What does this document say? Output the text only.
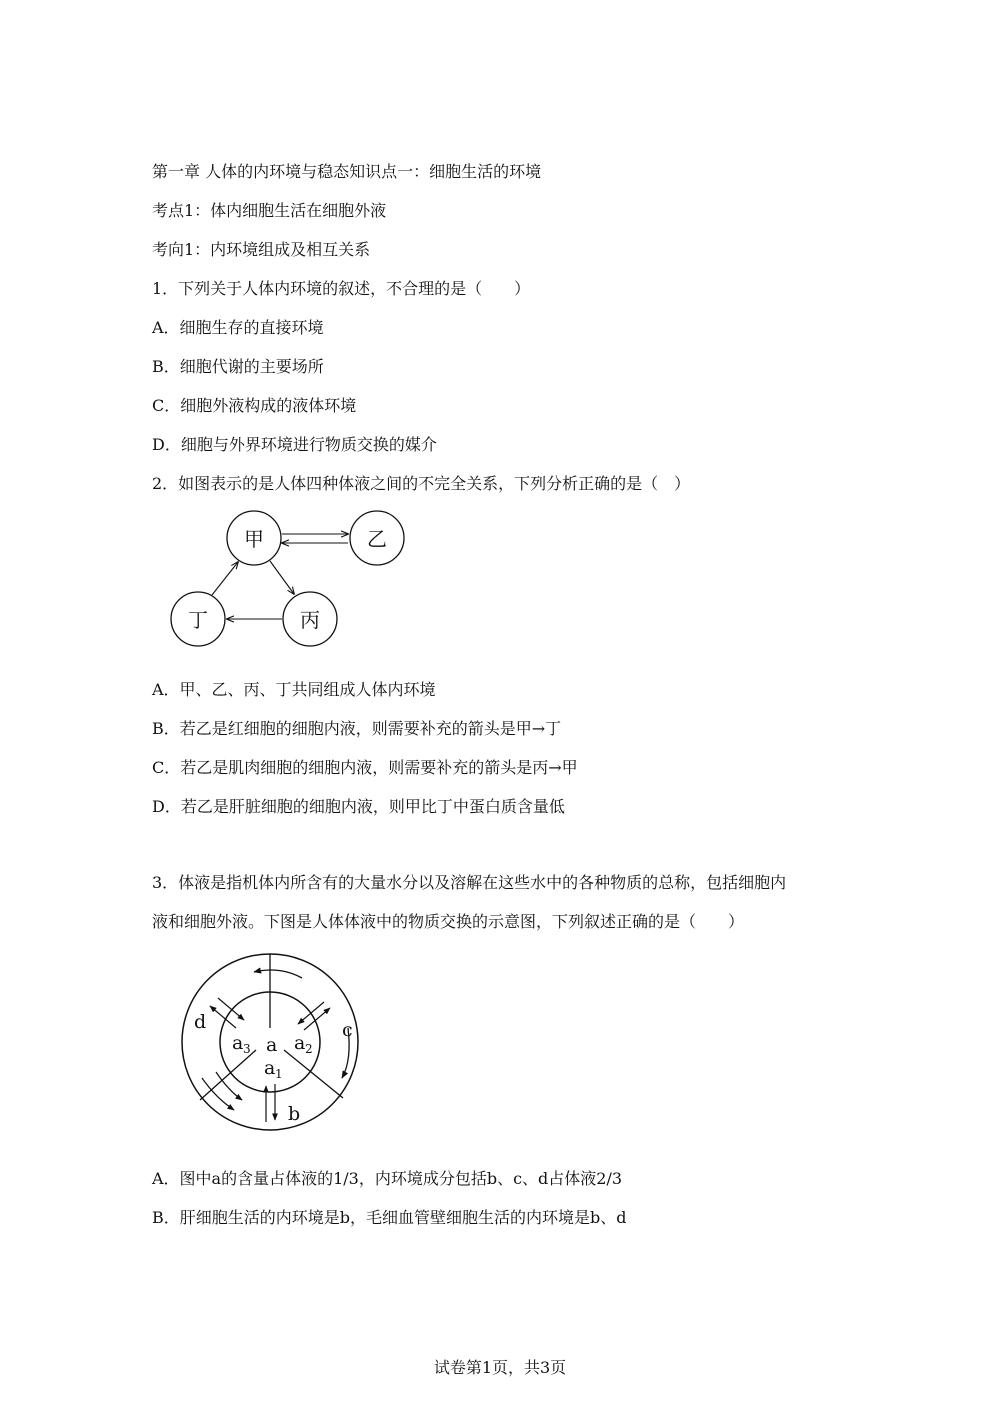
第一章 人体的内环境与稳态知识点一：细胞生活的环境
考点1：体内细胞生活在细胞外液
考向1：内环境组成及相互关系
1．下列关于人体内环境的叙述，不合理的是（　　）
A．细胞生存的直接环境
B．细胞代谢的主要场所
C．细胞外液构成的液体环境
D．细胞与外界环境进行物质交换的媒介
2．如图表示的是人体四种体液之间的不完全关系，下列分析正确的是（　）
甲	乙
丙
丁
A．甲、乙、丙、丁共同组成人体内环境
B．若乙是红细胞的细胞内液，则需要补充的箭头是甲→丁
C．若乙是肌肉细胞的细胞内液，则需要补充的箭头是丙→甲
D．若乙是肝脏细胞的细胞内液，则甲比丁中蛋白质含量低
3．体液是指机体内所含有的大量水分以及溶解在这些水中的各种物质的总称，包括细胞内
液和细胞外液。下图是人体体液中的物质交换的示意图，下列叙述正确的是（　　）
d	c
b
a
a 3 a 2
a 1
A．图中a的含量占体液的1/3，内环境成分包括b、c、d占体液2/3
B．肝细胞生活的内环境是b，毛细血管壁细胞生活的内环境是b、d
试卷第1页，共3页
